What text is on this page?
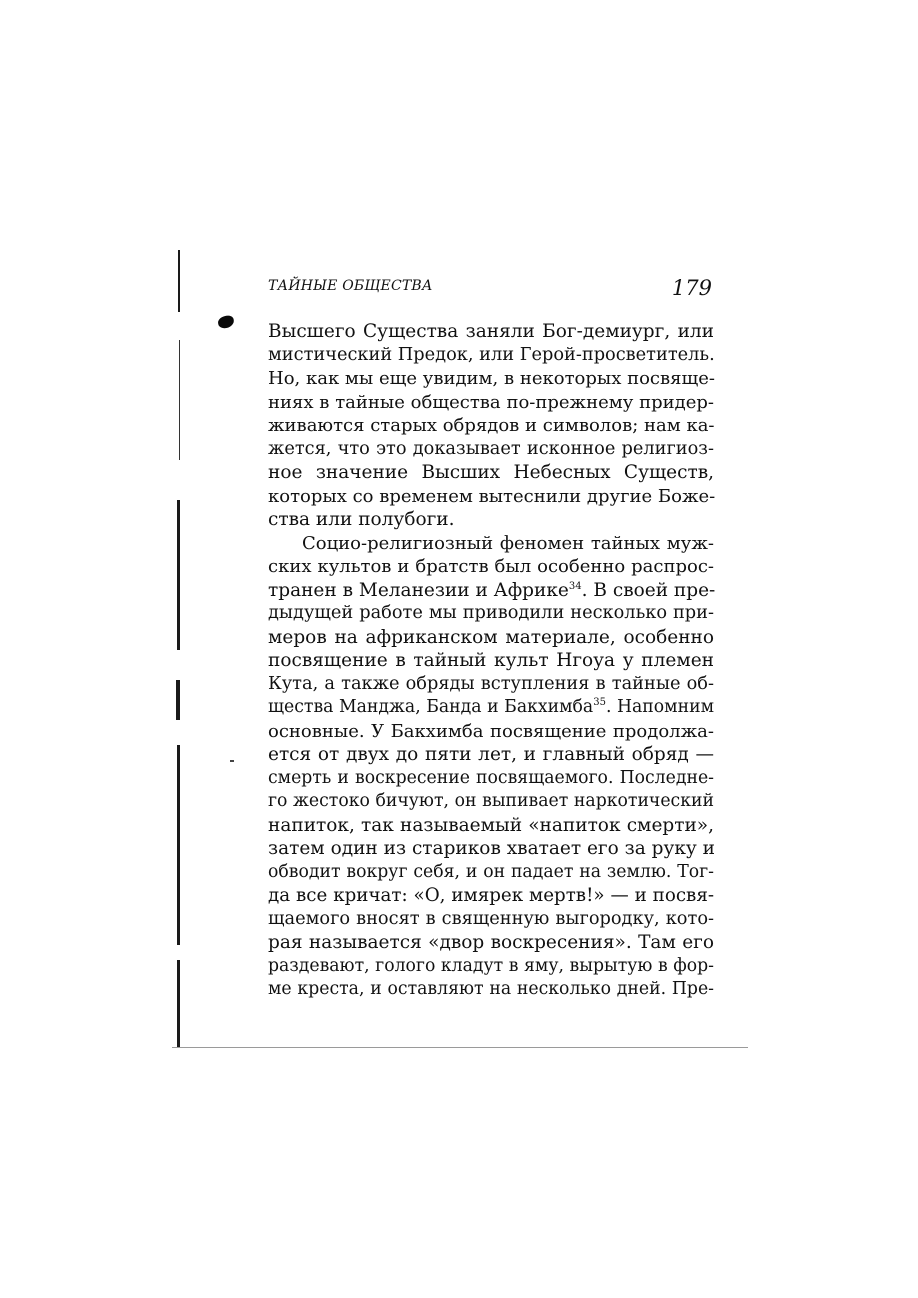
ТАЙНЫЕ ОБЩЕСТВА	179
Высшего Существа заняли Бог-демиург, или
мистический Предок, или Герой-просветитель.
Но, как мы еще увидим, в некоторых посвяще-
ниях в тайные общества по-прежнему придер-
живаются старых обрядов и символов; нам ка-
жется, что это доказывает исконное религиоз-
ное значение Высших Небесных Существ,
которых со временем вытеснили другие Боже-
ства или полубоги.
Социо-религиозный феномен тайных муж-
ских культов и братств был особенно распрос-
транен в Меланезии и Африке$^{34}$. В своей пре-
дыдущей работе мы приводили несколько при-
меров на африканском материале, особенно
посвящение в тайный культ Нгоуа у племен
Кута, а также обряды вступления в тайные об-
щества Манджа, Банда и Бакхимба$^{35}$. Напомним
основные. У Бакхимба посвящение продолжа-
ется от двух до пяти лет, и главный обряд —
смерть и воскресение посвящаемого. Последне-
го жестоко бичуют, он выпивает наркотический
напиток, так называемый «напиток смерти»,
затем один из стариков хватает его за руку и
обводит вокруг себя, и он падает на землю. Тог-
да все кричат: «О, имярек мертв!» — и посвя-
щаемого вносят в священную выгородку, кото-
рая называется «двор воскресения». Там его
раздевают, голого кладут в яму, вырытую в фор-
ме креста, и оставляют на несколько дней. Пре-
